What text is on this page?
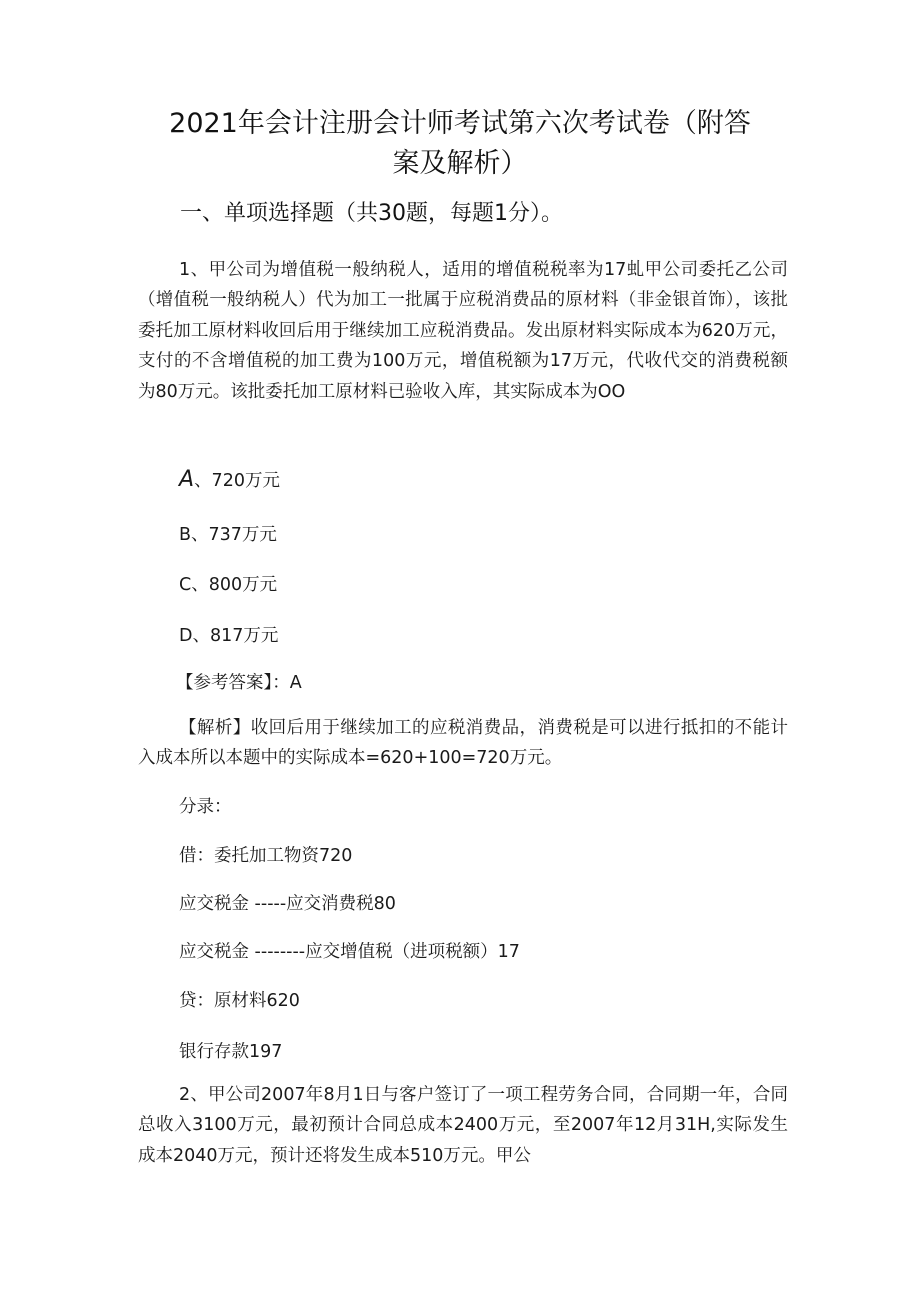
2021年会计注册会计师考试第六次考试卷（附答
案及解析）
一、单项选择题（共30题，每题1分）。

1、甲公司为增值税一般纳税人，适用的增值税税率为17虬甲公司委托乙公司（增值税一般纳税人）代为加工一批属于应税消费品的原材料（非金银首饰），该批委托加工原材料收回后用于继续加工应税消费品。发出原材料实际成本为620万元，支付的不含增值税的加工费为100万元，增值税额为17万元，代收代交的消费税额为80万元。该批委托加工原材料已验收入库，其实际成本为OO

A、720万元
B、737万元
C、800万元
D、817万元
【参考答案】：A

【解析】收回后用于继续加工的应税消费品，消费税是可以进行抵扣的不能计入成本所以本题中的实际成本=620+100=720万元。

分录：
借：委托加工物资720
应交税金 -----应交消费税80
应交税金 --------应交增值税（进项税额）17
贷：原材料620
银行存款197

2、甲公司2007年8月1日与客户签订了一项工程劳务合同，合同期一年，合同总收入3100万元，最初预计合同总成本2400万元，至2007年12月31H,实际发生成本2040万元，预计还将发生成本510万元。甲公
